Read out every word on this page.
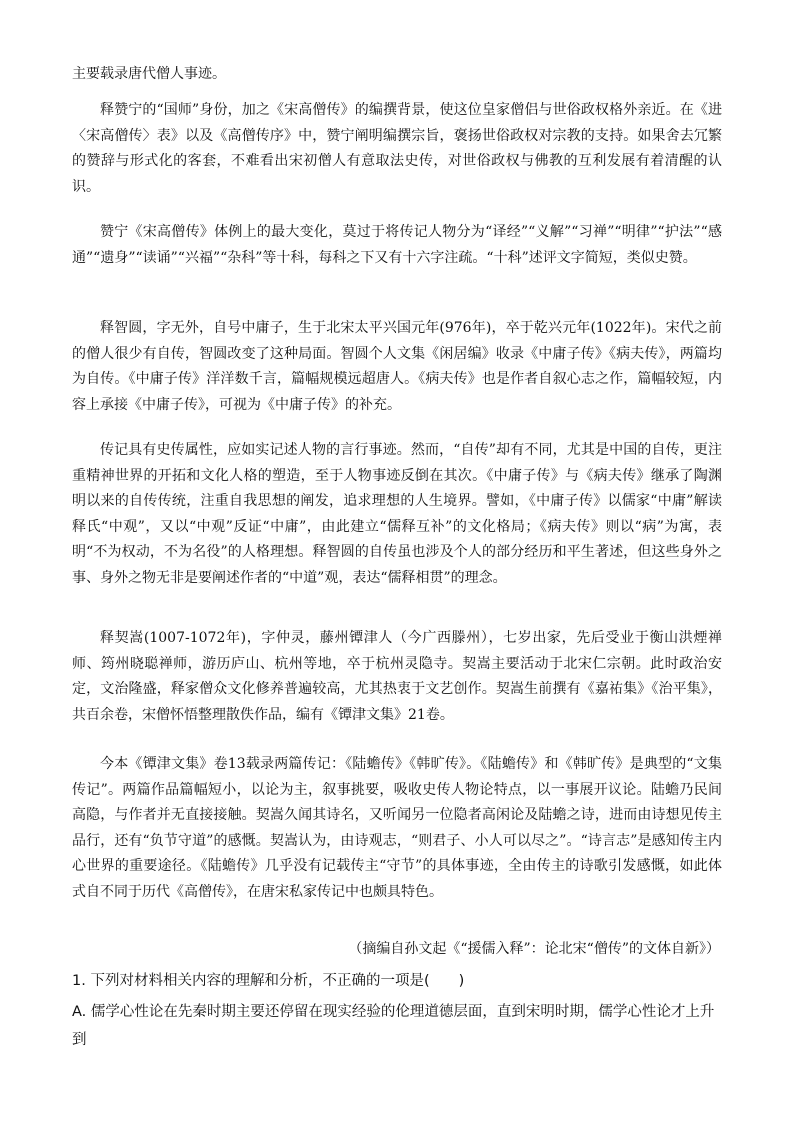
主要载录唐代僧人事迹。

释赞宁的“国师”身份，加之《宋高僧传》的编撰背景，使这位皇家僧侣与世俗政权格外亲近。在《进〈宋高僧传〉表》以及《高僧传序》中，赞宁阐明编撰宗旨，褒扬世俗政权对宗教的支持。如果舍去冗繁的赞辞与形式化的客套，不难看出宋初僧人有意取法史传，对世俗政权与佛教的互利发展有着清醒的认识。

赞宁《宋高僧传》体例上的最大变化，莫过于将传记人物分为“译经”“义解”“习禅”“明律”“护法”“感通”“遗身”“读诵”“兴福”“杂科”等十科，每科之下又有十六字注疏。“十科”述评文字简短，类似史赞。

释智圆，字无外，自号中庸子，生于北宋太平兴国元年(976年)，卒于乾兴元年(1022年)。宋代之前的僧人很少有自传，智圆改变了这种局面。智圆个人文集《闲居编》收录《中庸子传》《病夫传》，两篇均为自传。《中庸子传》洋洋数千言，篇幅规模远超唐人。《病夫传》也是作者自叙心志之作，篇幅较短，内容上承接《中庸子传》，可视为《中庸子传》的补充。

传记具有史传属性，应如实记述人物的言行事迹。然而，“自传”却有不同，尤其是中国的自传，更注重精神世界的开拓和文化人格的塑造，至于人物事迹反倒在其次。《中庸子传》与《病夫传》继承了陶渊明以来的自传传统，注重自我思想的阐发，追求理想的人生境界。譬如，《中庸子传》以儒家“中庸”解读释氏“中观”，又以“中观”反证“中庸”，由此建立“儒释互补”的文化格局；《病夫传》则以“病”为寓，表明“不为权动，不为名役”的人格理想。释智圆的自传虽也涉及个人的部分经历和平生著述，但这些身外之事、身外之物无非是要阐述作者的“中道”观，表达“儒释相贯”的理念。

释契嵩(1007-1072年)，字仲灵，藤州镡津人（今广西滕州），七岁出家，先后受业于衡山洪煙禅师、筠州晓聪禅师，游历庐山、杭州等地，卒于杭州灵隐寺。契嵩主要活动于北宋仁宗朝。此时政治安定，文治隆盛，释家僧众文化修养普遍较高，尤其热衷于文艺创作。契嵩生前撰有《嘉祐集》《治平集》，共百余卷，宋僧怀悟整理散佚作品，编有《镡津文集》21卷。

今本《镡津文集》卷13载录两篇传记：《陆蟾传》《韩旷传》。《陆蟾传》和《韩旷传》是典型的“文集传记”。两篇作品篇幅短小，以论为主，叙事挑要，吸收史传人物论特点，以一事展开议论。陆蟾乃民间高隐，与作者并无直接接触。契嵩久闻其诗名，又听闻另一位隐者高闲论及陆蟾之诗，进而由诗想见传主品行，还有“负节守道”的感慨。契嵩认为，由诗观志，“则君子、小人可以尽之”。“诗言志”是感知传主内心世界的重要途径。《陆蟾传》几乎没有记载传主“守节”的具体事迹，全由传主的诗歌引发感慨，如此体式自不同于历代《高僧传》，在唐宋私家传记中也颇具特色。

（摘编自孙文起《“援儒入释”：论北宋“僧传”的文体自新》）

1. 下列对材料相关内容的理解和分析，不正确的一项是(　　)

A. 儒学心性论在先秦时期主要还停留在现实经验的伦理道德层面，直到宋明时期，儒学心性论才上升到
